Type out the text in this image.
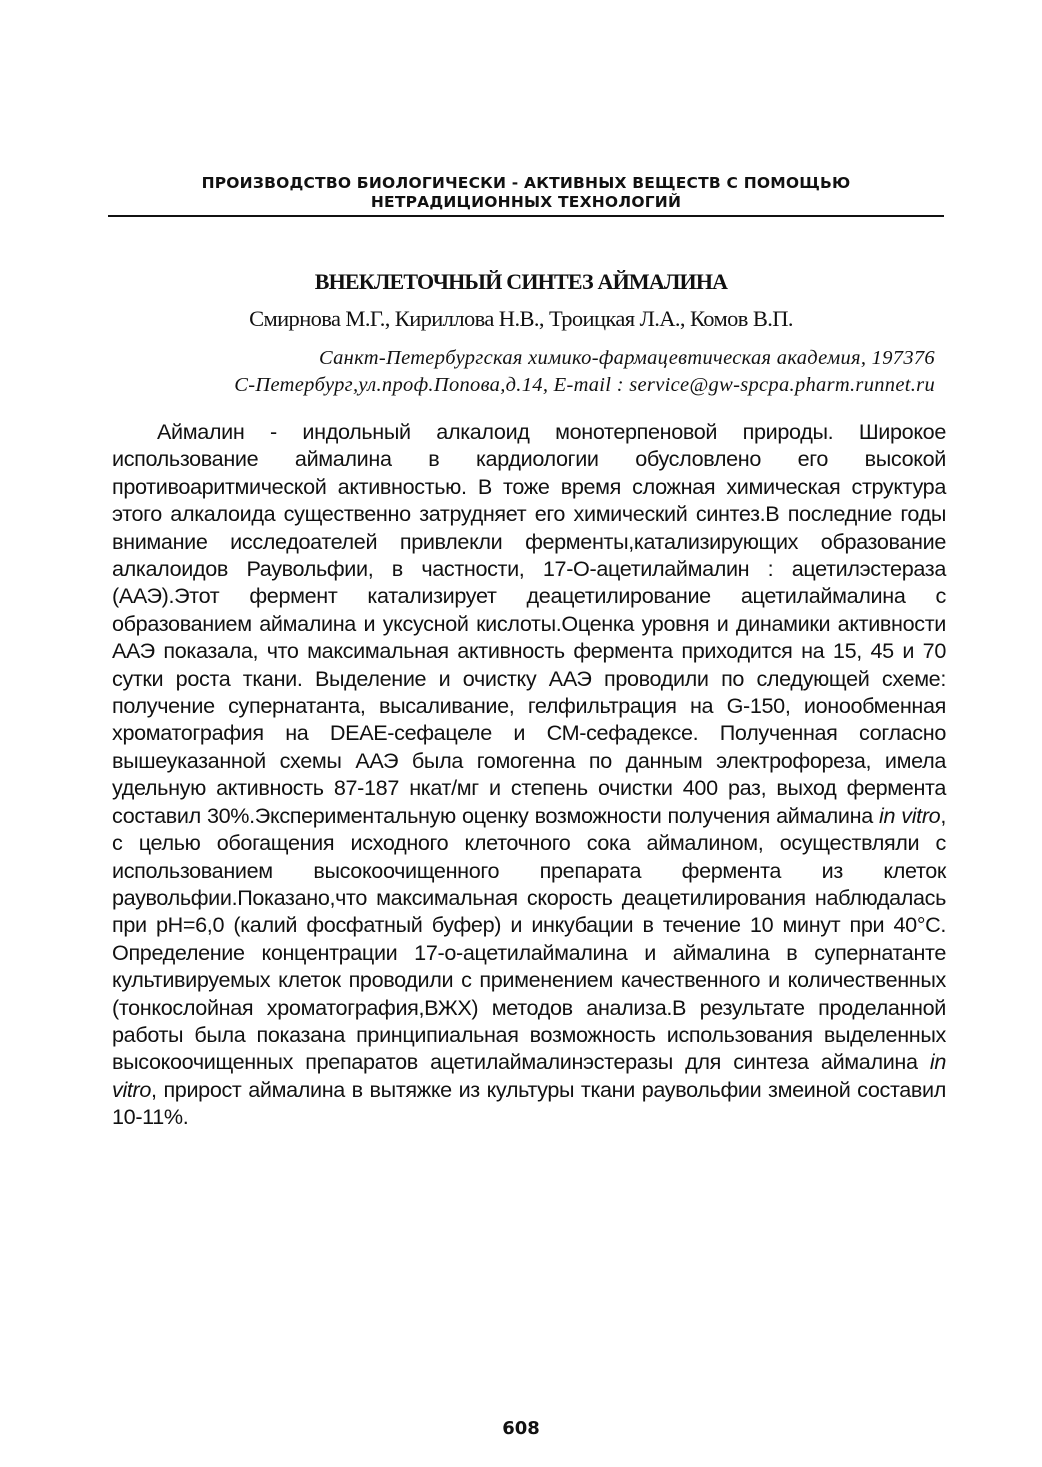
ПРОИЗВОДСТВО БИОЛОГИЧЕСКИ - АКТИВНЫХ ВЕЩЕСТВ С ПОМОЩЬЮ
НЕТРАДИЦИОННЫХ ТЕХНОЛОГИЙ
ВНЕКЛЕТОЧНЫЙ СИНТЕЗ АЙМАЛИНА
Смирнова М.Г., Кириллова Н.В., Троицкая Л.А., Комов В.П.
Санкт-Петербургская химико-фармацевтическая академия, 197376
С-Петербург,ул.проф.Попова,д.14, E-mail : service@gw-spcpa.pharm.runnet.ru
Аймалин - индольный алкалоид монотерпеновой природы. Широкое использование аймалина в кардиологии обусловлено его высокой противоаритмической активностью. В тоже время сложная химическая структура этого алкалоида существенно затрудняет его химический синтез.В последние годы внимание исследоателей привлекли ферменты,катализирующих образование алкалоидов Раувольфии, в частности, 17-О-ацетилаймалин : ацетилэстераза (ААЭ).Этот фермент катализирует деацетилирование ацетилаймалина с образованием аймалина и уксусной кислоты.Оценка уровня и динамики активности ААЭ показала, что максимальная активность фермента приходится на 15, 45 и 70 сутки роста ткани. Выделение и очистку ААЭ проводили по следующей схеме: получение супернатанта, высаливание, гелфильтрация на G-150, ионообменная хроматография на DEAE-сефацеле и СМ-сефадексе. Полученная согласно вышеуказанной схемы ААЭ была гомогенна по данным электрофореза, имела удельную активность 87-187 нкат/мг и степень очистки 400 раз, выход фермента составил 30%.Экспериментальную оценку возможности получения аймалина in vitro, с целью обогащения исходного клеточного сока аймалином, осуществляли с использованием высокоочищенного препарата фермента из клеток раувольфии.Показано,что максимальная скорость деацетилирования наблюдалась при pH=6,0 (калий фосфатный буфер) и инкубации в течение 10 минут при 40°С. Определение концентрации 17-о-ацетилаймалина и аймалина в супернатанте культивируемых клеток проводили с применением качественного и количественных (тонкослойная хроматография,ВЖХ) методов анализа.В результате проделанной работы была показана принципиальная возможность использования выделенных высокоочищенных препаратов ацетилаймалинэстеразы для синтеза аймалина in vitro, прирост аймалина в вытяжке из культуры ткани раувольфии змеиной составил 10-11%.
608
